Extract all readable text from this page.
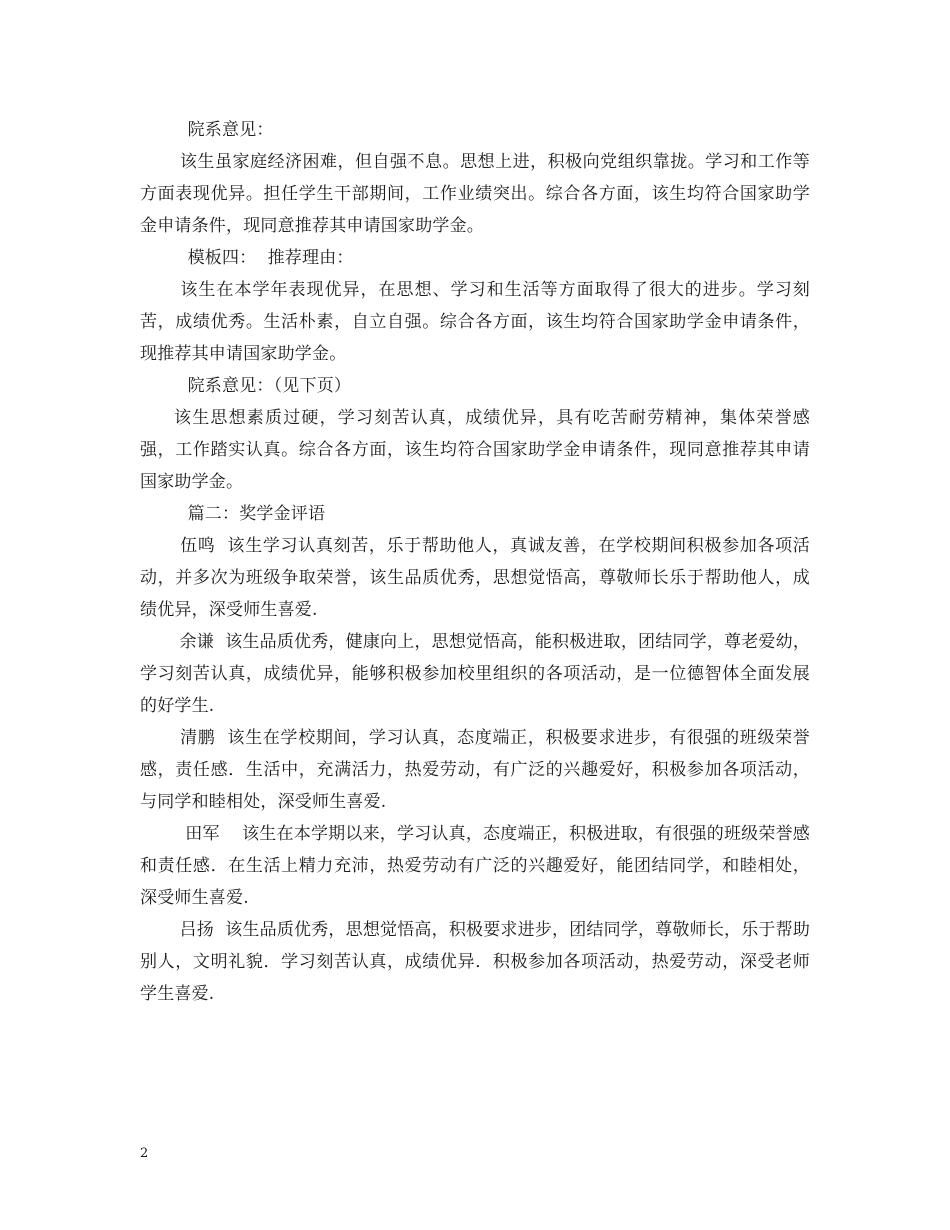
院系意见：

该生虽家庭经济困难，但自强不息。思想上进，积极向党组织靠拢。学习和工作等方面表现优异。担任学生干部期间，工作业绩突出。综合各方面，该生均符合国家助学金申请条件，现同意推荐其申请国家助学金。

模板四：  推荐理由：

该生在本学年表现优异，在思想、学习和生活等方面取得了很大的进步。学习刻苦，成绩优秀。生活朴素，自立自强。综合各方面，该生均符合国家助学金申请条件，现推荐其申请国家助学金。

院系意见：（见下页）

该生思想素质过硬，学习刻苦认真，成绩优异，具有吃苦耐劳精神，集体荣誉感强，工作踏实认真。综合各方面，该生均符合国家助学金申请条件，现同意推荐其申请国家助学金。

篇二：奖学金评语

伍鸣  该生学习认真刻苦，乐于帮助他人，真诚友善，在学校期间积极参加各项活动，并多次为班级争取荣誉，该生品质优秀，思想觉悟高，尊敬师长乐于帮助他人，成绩优异，深受师生喜爱.

余谦  该生品质优秀，健康向上，思想觉悟高，能积极进取，团结同学，尊老爱幼，学习刻苦认真，成绩优异，能够积极参加校里组织的各项活动，是一位德智体全面发展的好学生.

清鹏  该生在学校期间，学习认真，态度端正，积极要求进步，有很强的班级荣誉感，责任感．生活中，充满活力，热爱劳动，有广泛的兴趣爱好，积极参加各项活动，与同学和睦相处，深受师生喜爱.

田军    该生在本学期以来，学习认真，态度端正，积极进取，有很强的班级荣誉感和责任感．在生活上精力充沛，热爱劳动有广泛的兴趣爱好，能团结同学，和睦相处，深受师生喜爱.

吕扬  该生品质优秀，思想觉悟高，积极要求进步，团结同学，尊敬师长，乐于帮助别人，文明礼貌．学习刻苦认真，成绩优异．积极参加各项活动，热爱劳动，深受老师学生喜爱.

2
